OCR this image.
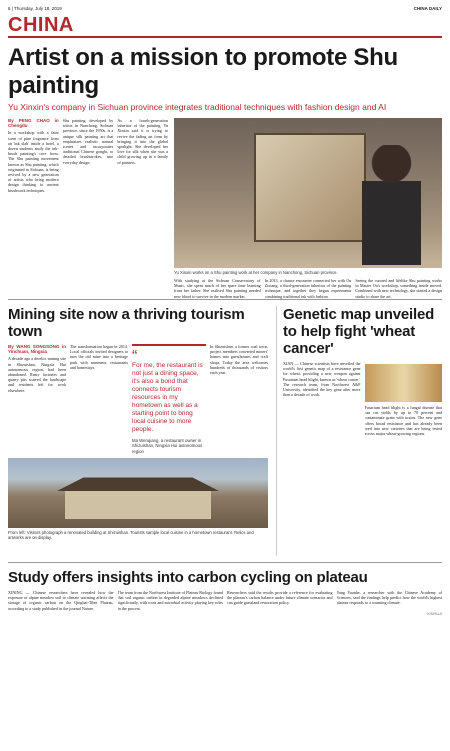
6 | Thursday, July 18, 2019	CHINA DAILY
CHINA
Artist on a mission to promote Shu painting
Yu Xinxin's company in Sichuan province integrates traditional techniques with fashion design and AI
By PENG CHAO in Chengdu
In a workshop with a faint scent of pine fragrance from an 'ink slab' inside a hotel, a dozen students study the ink-brush painting's core form. The Shu painting movement known as Shu painting, which originated in Sichuan, is being revived by a new generation of artists who bring modern design thinking to ancient brushwork techniques.
Shu painting, developed by artists in Nanchong, Sichuan province, since the 1950s, is a unique silk painting art that emphasizes realistic natural scenes and incorporates traditional Chinese gongbi, or detailed brushstrokes, into everyday design.
As a fourth-generation inheritor of the painting, Yu Xinxin said it is trying to revive the fading art form by bringing it into the global spotlight. She developed her love for silk when she was a child growing up in a family of painters.
Yu Xinxin works on a Shu painting work at her company in Nanchong, Sichuan province.
With studying at the Sichuan Conservatory of Music, she spent much of her spare time learning from her father. She realised Shu painting needed new blood to survive in the modern market.
In 2013, a chance encounter connected her with Ou Zixiang, a third-generation inheritor of the painting technique, and together they began experiments combining traditional ink with fashion.
Seeing the curated and lifelike Shu painting works in Master Ou's workshop, something inside moved. Combined with new technology, she started a design studio to share the art.
Mining site now a thriving tourism town
By WANG SONGSONG in Yinchuan, Ningxia
A decade ago a derelict mining site in Shizuishan, Ningxia Hui autonomous region, had been abandoned. Rusty factories and quarry pits scarred the landscape and residents left for work elsewhere.
The transformation began in 2014. Local officials invited designers to turn the old mine into a heritage park with museums, restaurants and homestays.
“
For me, the restaurant is not just a dining space, it's also a bond that connects tourism resources in my hometown as well as a starting point to bring local cuisine to more people.
Ma Wenqiang, a restaurant owner in Shizuishan, Ningxia Hui autonomous region
In Shizuishan, a former coal town, project members converted miners' homes into guesthouses and craft shops. Today the area welcomes hundreds of thousands of visitors each year.
From left: Visitors photograph a renovated building at Shizuishan. Tourists sample local cuisine in a hometown restaurant. Relics and artworks are on display.
Genetic map unveiled to help fight 'wheat cancer'
XIAN — Chinese scientists have unveiled the world's first genetic map of a resistance gene for wheat, providing a new weapon against Fusarium head blight, known as 'wheat cancer'. The research team, from Northwest A&F University, identified the key gene after more than a decade of work.
Fusarium head blight is a fungal disease that can cut yields by up to 70 percent and contaminate grain with toxins. The new gene offers broad resistance and has already been bred into new varieties that are being tested across major wheat-growing regions.
Study offers insights into carbon cycling on plateau
XINING — Chinese researchers have revealed how the exposure of alpine meadow soil to climate warming affects the storage of organic carbon on the Qinghai-Tibet Plateau, according to a study published in the journal Nature.
The team from the Northwest Institute of Plateau Biology found that soil organic carbon in degraded alpine meadows declined significantly, with roots and microbial activity playing key roles in the process.
Researchers said the results provide a reference for evaluating the plateau's carbon balance under future climate scenarios and can guide grassland restoration policy.
Yang Yuanhe, a researcher with the Chinese Academy of Sciences, said the findings help predict how the world's highest plateau responds to a warming climate.
XINHUA
